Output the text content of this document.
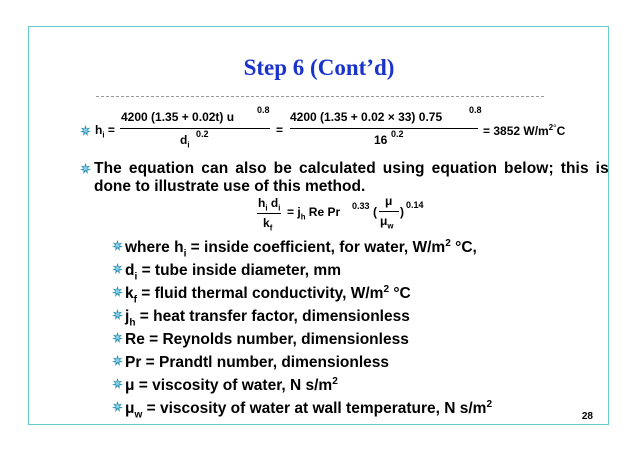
Step 6 (Cont’d)
$h_i$ =
4200 (1.35 + 0.02t) u	0.8
$d_i$
0.2	=
4200 (1.35 + 0.02 × 33) 0.75	0.8
16 0.2	= 3852 $W/m^{2^\circ}C$
The equation can also be calculated using equation below; this is
done to illustrate use of this method.
$h_i$ $d_i$
$k_f$
= $j_h$ Re Pr 0.33 (
μ
$\mu_w$
) 0.14
where $h_i$ = inside coefficient, for water, $W/m^2$ °C,
$d_i$ = tube inside diameter, mm
$k_f$ = fluid thermal conductivity, $W/m^2$ °C
$j_h$ = heat transfer factor, dimensionless
Re = Reynolds number, dimensionless
Pr = Prandtl number, dimensionless
μ = viscosity of water, N $s/m^2$
$\mu_w$ = viscosity of water at wall temperature, N $s/m^2$
28
